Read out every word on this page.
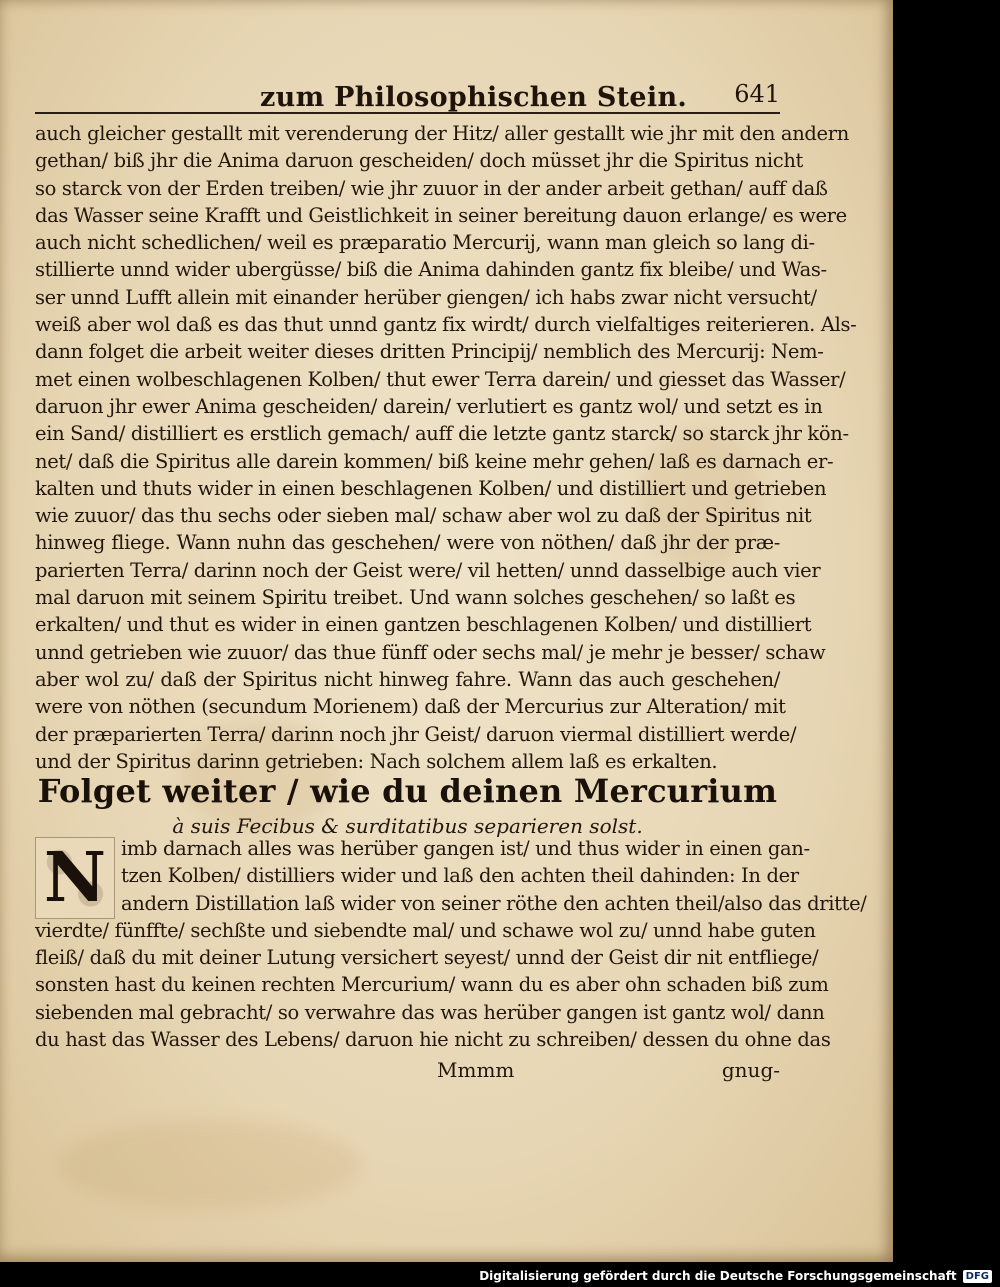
zum Philosophischen Stein. 641
auch gleicher gestallt mit verenderung der Hitz/ aller gestallt wie jhr mit den andern
gethan/ biß jhr die Anima daruon gescheiden/ doch müsset jhr die Spiritus nicht
so starck von der Erden treiben/ wie jhr zuuor in der ander arbeit gethan/ auff daß
das Wasser seine Krafft und Geistlichkeit in seiner bereitung dauon erlange/ es were
auch nicht schedlichen/ weil es præparatio Mercurij, wann man gleich so lang di-
stillierte unnd wider ubergüsse/ biß die Anima dahinden gantz fix bleibe/ und Was-
ser unnd Lufft allein mit einander herüber giengen/ ich habs zwar nicht versucht/
weiß aber wol daß es das thut unnd gantz fix wirdt/ durch vielfaltiges reiterieren. Als-
dann folget die arbeit weiter dieses dritten Principij/ nemblich des Mercurij: Nem-
met einen wolbeschlagenen Kolben/ thut ewer Terra darein/ und giesset das Wasser/
daruon jhr ewer Anima gescheiden/ darein/ verlutiert es gantz wol/ und setzt es in
ein Sand/ distilliert es erstlich gemach/ auff die letzte gantz starck/ so starck jhr kön-
net/ daß die Spiritus alle darein kommen/ biß keine mehr gehen/ laß es darnach er-
kalten und thuts wider in einen beschlagenen Kolben/ und distilliert und getrieben
wie zuuor/ das thu sechs oder sieben mal/ schaw aber wol zu daß der Spiritus nit
hinweg fliege. Wann nuhn das geschehen/ were von nöthen/ daß jhr der præ-
parierten Terra/ darinn noch der Geist were/ vil hetten/ unnd dasselbige auch vier
mal daruon mit seinem Spiritu treibet. Und wann solches geschehen/ so laßt es
erkalten/ und thut es wider in einen gantzen beschlagenen Kolben/ und distilliert
unnd getrieben wie zuuor/ das thue fünff oder sechs mal/ je mehr je besser/ schaw
aber wol zu/ daß der Spiritus nicht hinweg fahre. Wann das auch geschehen/
were von nöthen (secundum Morienem) daß der Mercurius zur Alteration/ mit
der præparierten Terra/ darinn noch jhr Geist/ daruon viermal distilliert werde/
und der Spiritus darinn getrieben: Nach solchem allem laß es erkalten.
Folget weiter / wie du deinen Mercurium
à suis Fecibus & surditatibus separieren solst.
N imb darnach alles was herüber gangen ist/ und thus wider in einen gan-
tzen Kolben/ distilliers wider und laß den achten theil dahinden: In der
andern Distillation laß wider von seiner röthe den achten theil/also das dritte/
vierdte/ fünffte/ sechßte und siebendte mal/ und schawe wol zu/ unnd habe guten
fleiß/ daß du mit deiner Lutung versichert seyest/ unnd der Geist dir nit entfliege/
sonsten hast du keinen rechten Mercurium/ wann du es aber ohn schaden biß zum
siebenden mal gebracht/ so verwahre das was herüber gangen ist gantz wol/ dann
du hast das Wasser des Lebens/ daruon hie nicht zu schreiben/ dessen du ohne das
Mmmm	gnug-
Digitalisierung gefördert durch die Deutsche Forschungsgemeinschaft DFG
